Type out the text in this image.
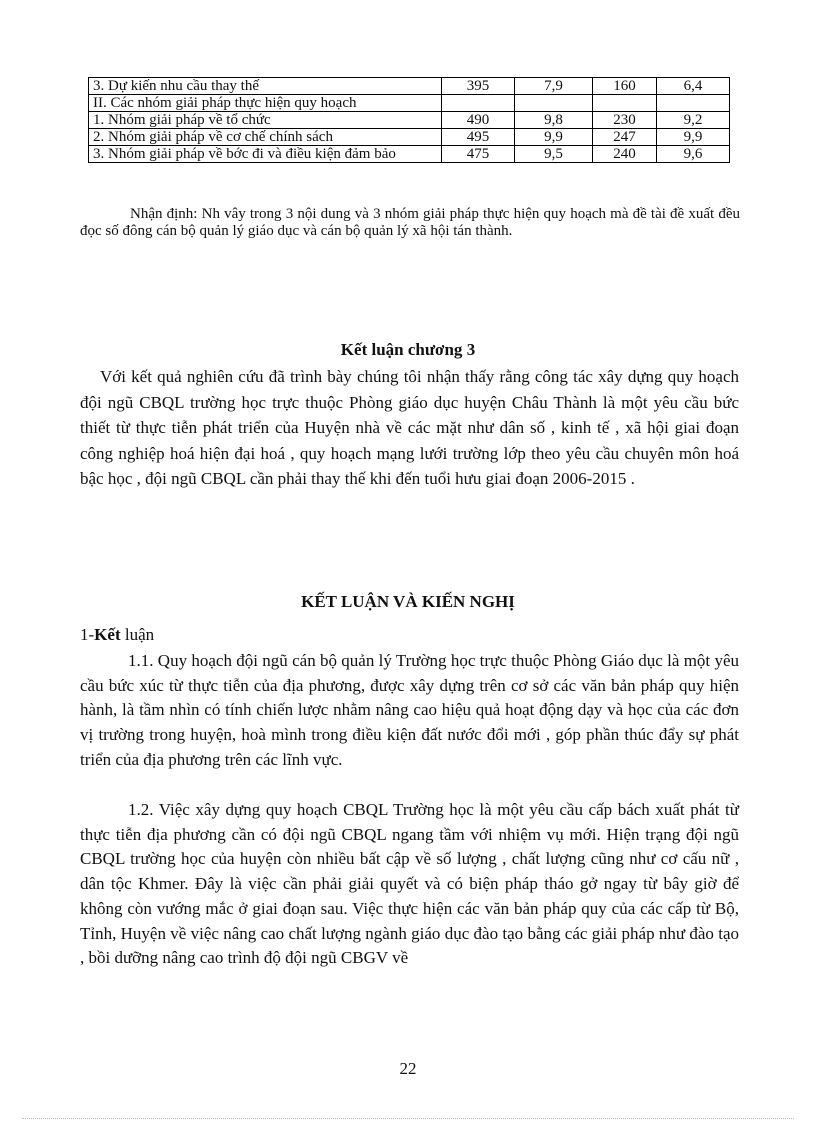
3. Dự kiến nhu cầu thay thế	395	7,9	160	6,4
II. Các nhóm giải pháp thực hiện quy hoạch				
1. Nhóm giải pháp về tổ chức	490	9,8	230	9,2
2. Nhóm giải pháp về cơ chế chính sách	495	9,9	247	9,9
3. Nhóm giải pháp về bớc đi và điều kiện đảm bảo	475	9,5	240	9,6

Nhận định: Nh vây trong 3 nội dung và 3 nhóm giải pháp thực hiện quy hoạch mà đề tài đề xuất đều đọc số đông cán bộ quản lý giáo dục và cán bộ quản lý xã hội tán thành.

Kết luận chương 3

Với kết quả nghiên cứu đã trình bày chúng tôi nhận thấy rằng công tác xây dựng quy hoạch đội ngũ CBQL trường học trực thuộc Phòng giáo dục huyện Châu Thành là một yêu cầu bức thiết từ thực tiễn phát triển của Huyện nhà về các mặt như dân số , kinh tế , xã hội giai đoạn công nghiệp hoá hiện đại hoá , quy hoạch mạng lưới trường lớp theo yêu cầu chuyên môn hoá bậc học , đội ngũ CBQL cần phải thay thế khi đến tuổi hưu giai đoạn 2006-2015 .

KẾT LUẬN VÀ KIẾN NGHỊ

1-Kết luận

1.1. Quy hoạch đội ngũ cán bộ quản lý Trường học trực thuộc Phòng Giáo dục là một yêu cầu bức xúc từ thực tiễn của địa phương, được xây dựng trên cơ sở các văn bản pháp quy hiện hành, là tầm nhìn có tính chiến lược nhằm nâng cao hiệu quả hoạt động dạy và học của các đơn vị trường trong huyện, hoà mình trong điều kiện đất nước đổi mới , góp phần thúc đẩy sự phát triển của địa phương trên các lĩnh vực.

1.2. Việc xây dựng quy hoạch CBQL Trường học là một yêu cầu cấp bách xuất phát từ thực tiễn địa phương cần có đội ngũ CBQL ngang tầm với nhiệm vụ mới. Hiện trạng đội ngũ CBQL trường học của huyện còn nhiều bất cập về số lượng , chất lượng cũng như cơ cấu nữ , dân tộc Khmer. Đây là việc cần phải giải quyết và có biện pháp tháo gở ngay từ bây giờ để không còn vướng mắc ở giai đoạn sau. Việc thực hiện các văn bản pháp quy của các cấp từ Bộ, Tỉnh, Huyện về việc nâng cao chất lượng ngành giáo dục đào tạo bằng các giải pháp như đào tạo , bồi dưỡng nâng cao trình độ đội ngũ CBGV về

22
